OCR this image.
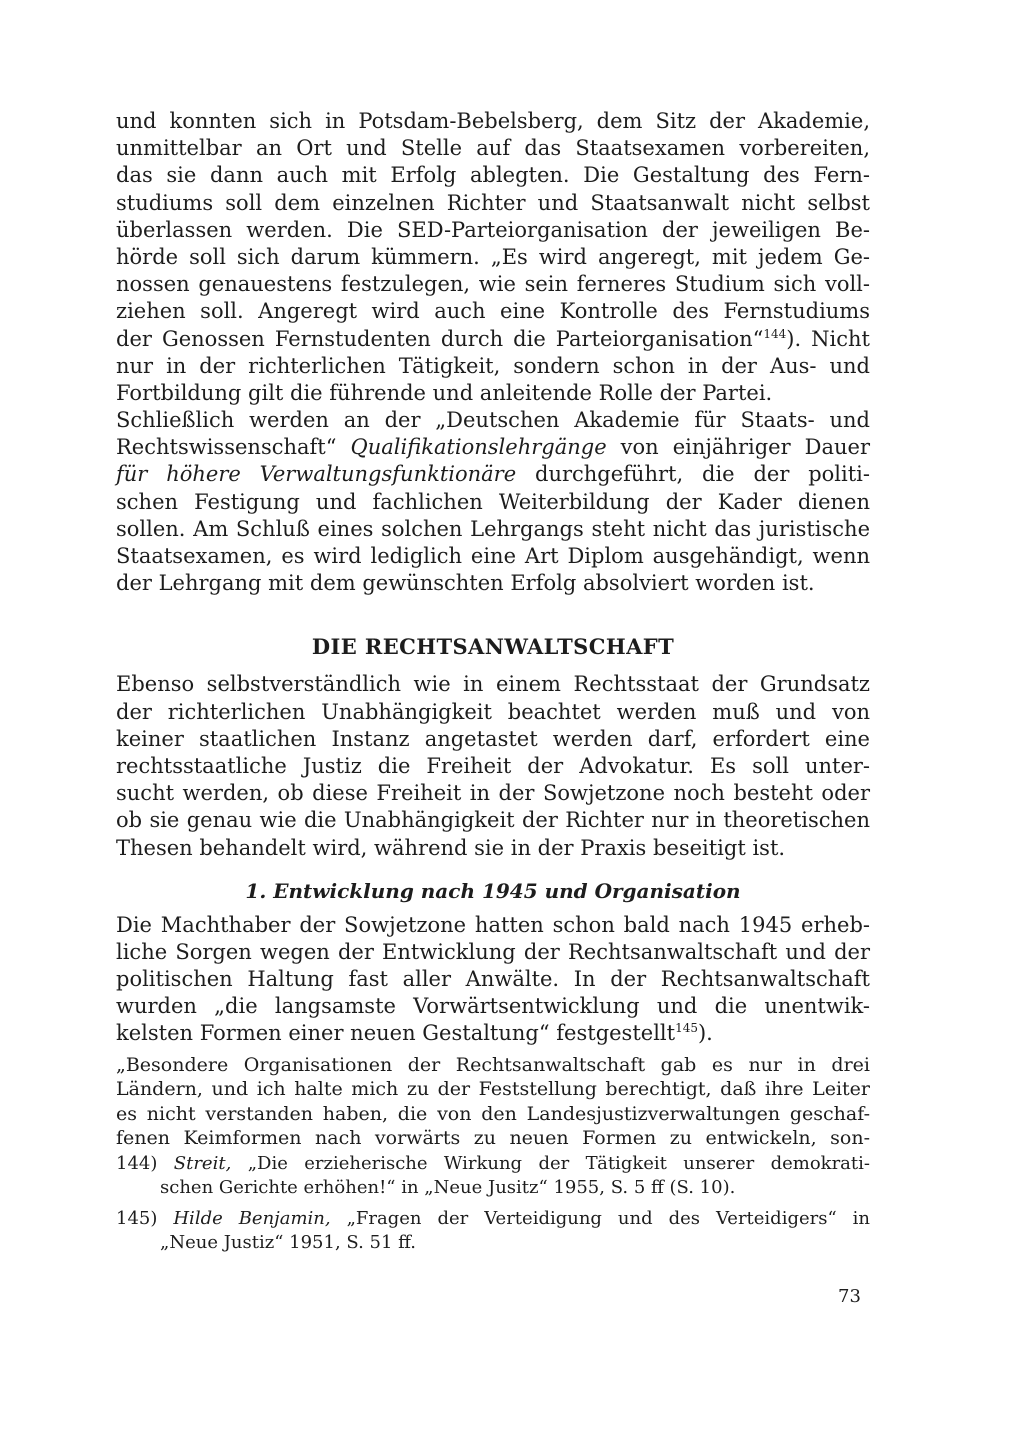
und konnten sich in Potsdam-Bebelsberg, dem Sitz der Akademie,
unmittelbar an Ort und Stelle auf das Staatsexamen vorbereiten,
das sie dann auch mit Erfolg ablegten. Die Gestaltung des Fern-
studiums soll dem einzelnen Richter und Staatsanwalt nicht selbst
überlassen werden. Die SED-Parteiorganisation der jeweiligen Be-
hörde soll sich darum kümmern. „Es wird angeregt, mit jedem Ge-
nossen genauestens festzulegen, wie sein ferneres Studium sich voll-
ziehen soll. Angeregt wird auch eine Kontrolle des Fernstudiums
der Genossen Fernstudenten durch die Parteiorganisation“$^{144}$). Nicht
nur in der richterlichen Tätigkeit, sondern schon in der Aus- und
Fortbildung gilt die führende und anleitende Rolle der Partei.
Schließlich werden an der „Deutschen Akademie für Staats- und
Rechtswissenschaft“ Qualifikationslehrgänge von einjähriger Dauer
für höhere Verwaltungsfunktionäre durchgeführt, die der politi-
schen Festigung und fachlichen Weiterbildung der Kader dienen
sollen. Am Schluß eines solchen Lehrgangs steht nicht das juristische
Staatsexamen, es wird lediglich eine Art Diplom ausgehändigt, wenn
der Lehrgang mit dem gewünschten Erfolg absolviert worden ist.
DIE RECHTSANWALTSCHAFT
Ebenso selbstverständlich wie in einem Rechtsstaat der Grundsatz
der richterlichen Unabhängigkeit beachtet werden muß und von
keiner staatlichen Instanz angetastet werden darf, erfordert eine
rechtsstaatliche Justiz die Freiheit der Advokatur. Es soll unter-
sucht werden, ob diese Freiheit in der Sowjetzone noch besteht oder
ob sie genau wie die Unabhängigkeit der Richter nur in theoretischen
Thesen behandelt wird, während sie in der Praxis beseitigt ist.
1. Entwicklung nach 1945 und Organisation
Die Machthaber der Sowjetzone hatten schon bald nach 1945 erheb-
liche Sorgen wegen der Entwicklung der Rechtsanwaltschaft und der
politischen Haltung fast aller Anwälte. In der Rechtsanwaltschaft
wurden „die langsamste Vorwärtsentwicklung und die unentwik-
kelsten Formen einer neuen Gestaltung“ festgestellt$^{145}$).
„Besondere Organisationen der Rechtsanwaltschaft gab es nur in drei
Ländern, und ich halte mich zu der Feststellung berechtigt, daß ihre Leiter
es nicht verstanden haben, die von den Landesjustizverwaltungen geschaf-
fenen Keimformen nach vorwärts zu neuen Formen zu entwickeln, son-
144) Streit, „Die erzieherische Wirkung der Tätigkeit unserer demokrati-
schen Gerichte erhöhen!“ in „Neue Jusitz“ 1955, S. 5 ff (S. 10).
145) Hilde Benjamin, „Fragen der Verteidigung und des Verteidigers“ in
„Neue Justiz“ 1951, S. 51 ff.
73
